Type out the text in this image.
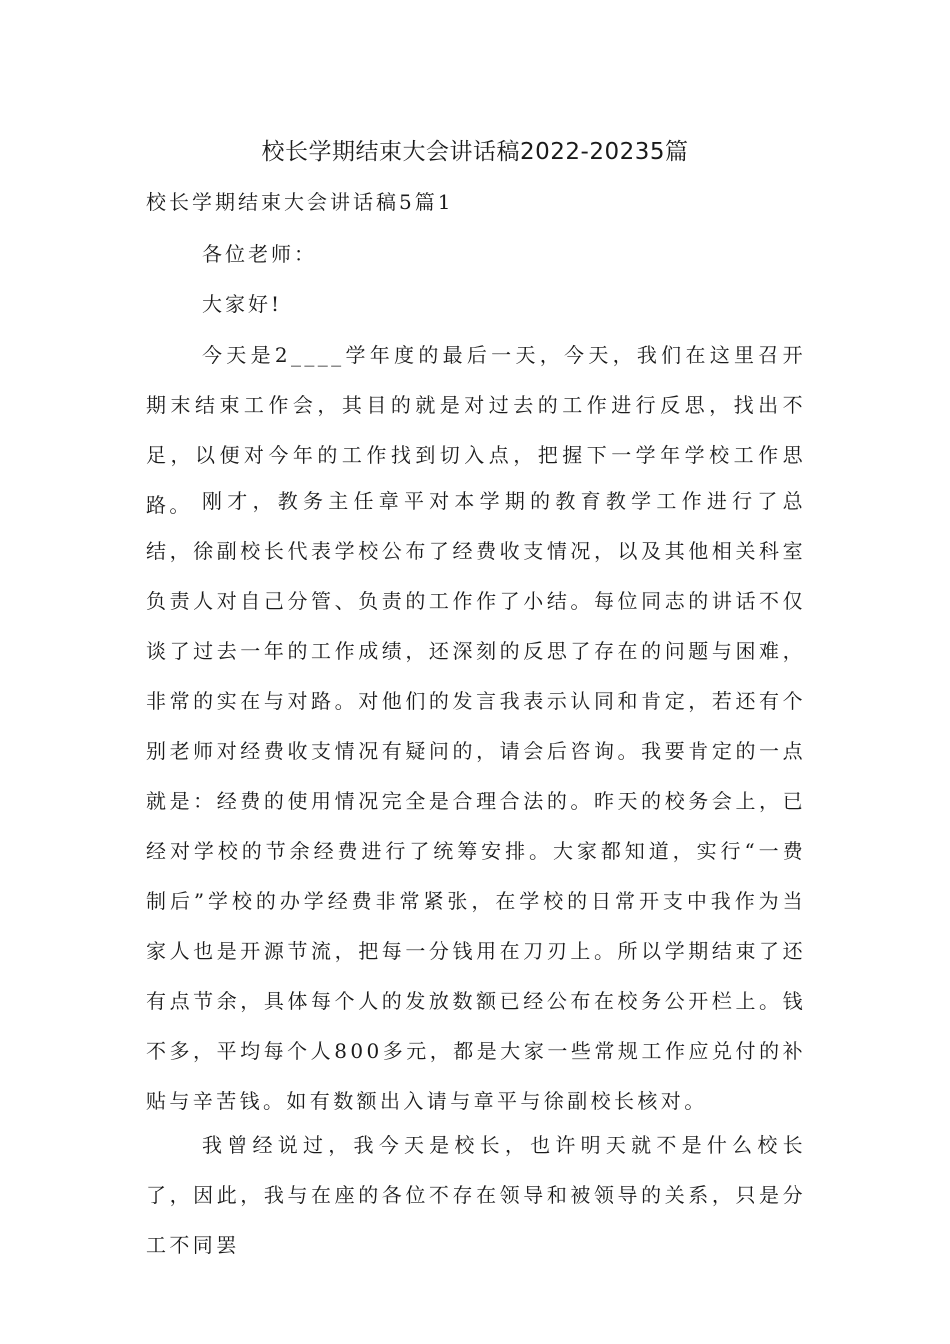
校长学期结束大会讲话稿2022-20235篇
校长学期结束大会讲话稿5篇1
各位老师：
大家好!
今天是2____学年度的最后一天，今天，我们在这里召开期末结束工作会，其目的就是对过去的工作进行反思，找出不足，以便对今年的工作找到切入点，把握下一学年学校工作思路。 刚才，教务主任章平对本学期的教育教学工作进行了总结，徐副校长代表学校公布了经费收支情况，以及其他相关科室负责人对自己分管、负责的工作作了小结。每位同志的讲话不仅谈了过去一年的工作成绩，还深刻的反思了存在的问题与困难，非常的实在与对路。对他们的发言我表示认同和肯定，若还有个别老师对经费收支情况有疑问的，请会后咨询。我要肯定的一点就是：经费的使用情况完全是合理合法的。昨天的校务会上，已经对学校的节余经费进行了统筹安排。大家都知道，实行“一费制后”学校的办学经费非常紧张，在学校的日常开支中我作为当家人也是开源节流，把每一分钱用在刀刃上。所以学期结束了还有点节余，具体每个人的发放数额已经公布在校务公开栏上。钱不多，平均每个人800多元，都是大家一些常规工作应兑付的补贴与辛苦钱。如有数额出入请与章平与徐副校长核对。
我曾经说过，我今天是校长，也许明天就不是什么校长了，因此，我与在座的各位不存在领导和被领导的关系，只是分工不同罢
